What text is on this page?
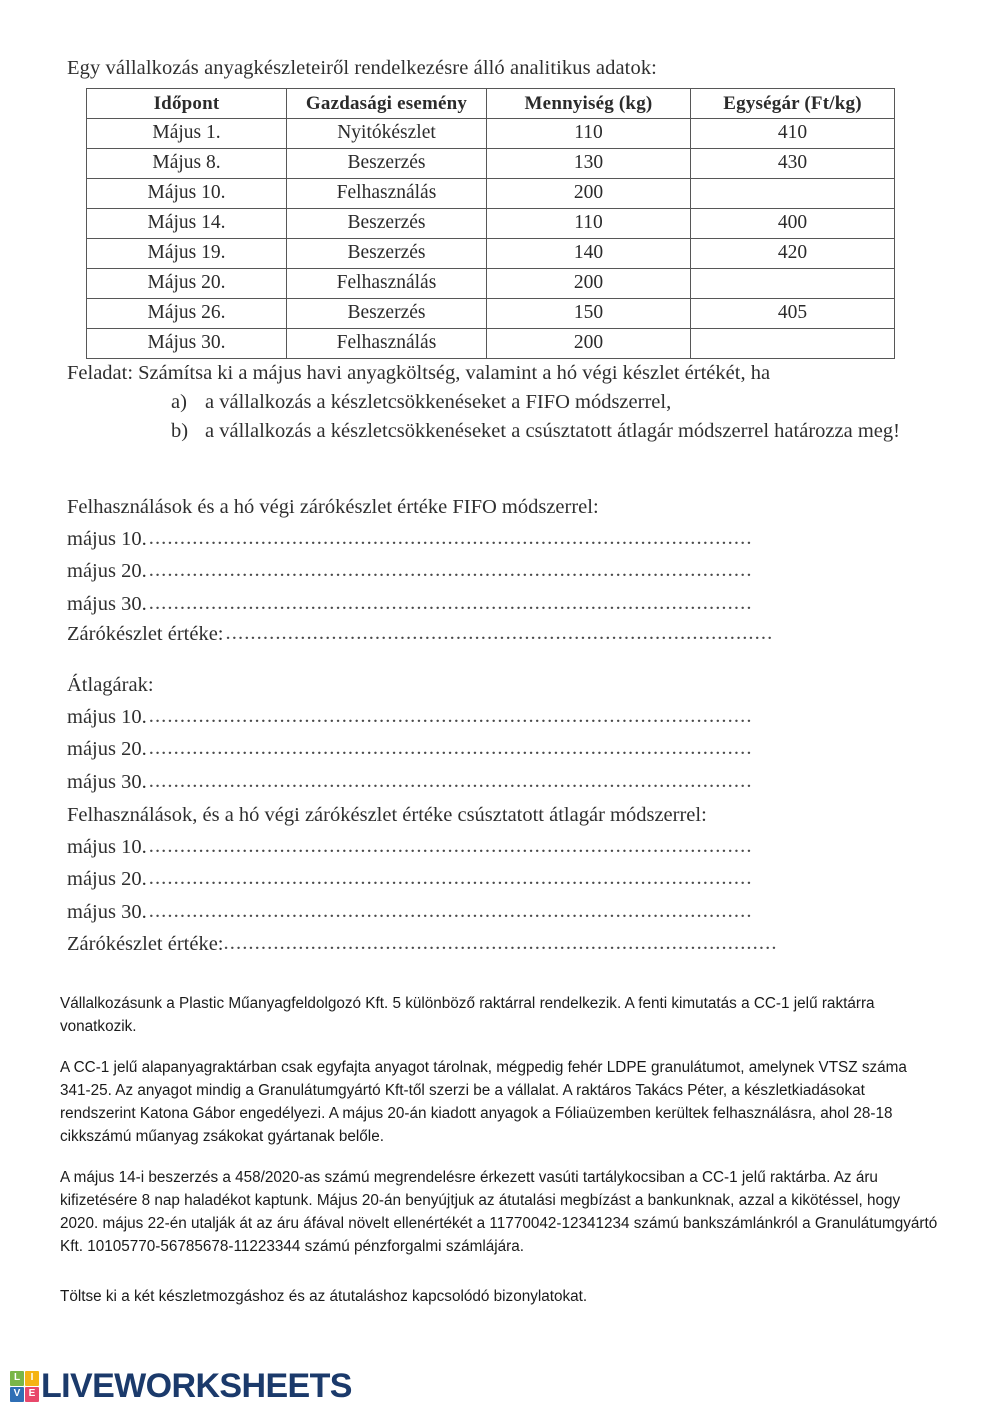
Egy vállalkozás anyagkészleteiről rendelkezésre álló analitikus adatok:
Időpont	Gazdasági esemény	Mennyiség (kg)	Egységár (Ft/kg)
Május 1.	Nyitókészlet	110	410
Május 8.	Beszerzés	130	430
Május 10.	Felhasználás	200	
Május 14.	Beszerzés	110	400
Május 19.	Beszerzés	140	420
Május 20.	Felhasználás	200	
Május 26.	Beszerzés	150	405
Május 30.	Felhasználás	200	
Feladat: Számítsa ki a május havi anyagköltség, valamint a hó végi készlet értékét, ha
a) a vállalkozás a készletcsökkenéseket a FIFO módszerrel,
b) a vállalkozás a készletcsökkenéseket a csúsztatott átlagár módszerrel határozza meg!
Felhasználások és a hó végi zárókészlet értéke FIFO módszerrel:
május 10. .................................................................................................
május 20. .................................................................................................
május 30. .................................................................................................
Zárókészlet értéke: ........................................................................................
Átlagárak:
május 10. .................................................................................................
május 20. .................................................................................................
május 30. .................................................................................................
Felhasználások, és a hó végi zárókészlet értéke csúsztatott átlagár módszerrel:
május 10. .................................................................................................
május 20. .................................................................................................
május 30. .................................................................................................
Zárókészlet értéke: .........................................................................................

Vállalkozásunk a Plastic Műanyagfeldolgozó Kft. 5 különböző raktárral rendelkezik. A fenti kimutatás a CC-1 jelű raktárra vonatkozik.

A CC-1 jelű alapanyagraktárban csak egyfajta anyagot tárolnak, mégpedig fehér LDPE granulátumot, amelynek VTSZ száma 341-25. Az anyagot mindig a Granulátumgyártó Kft-től szerzi be a vállalat. A raktáros Takács Péter, a készletkiadásokat rendszerint Katona Gábor engedélyezi. A május 20-án kiadott anyagok a Fóliaüzemben kerültek felhasználásra, ahol 28-18 cikkszámú műanyag zsákokat gyártanak belőle.

A május 14-i beszerzés a 458/2020-as számú megrendelésre érkezett vasúti tartálykocsiban a CC-1 jelű raktárba. Az áru kifizetésére 8 nap haladékot kaptunk. Május 20-án benyújtjuk az átutalási megbízást a bankunknak, azzal a kikötéssel, hogy 2020. május 22-én utalják át az áru áfával növelt ellenértékét a 11770042-12341234 számú bankszámlánkról a Granulátumgyártó Kft. 10105770-56785678-11223344 számú pénzforgalmi számlájára.

Töltse ki a két készletmozgáshoz és az átutaláshoz kapcsolódó bizonylatokat.

L	I
V E LIVEWORKSHEETS
